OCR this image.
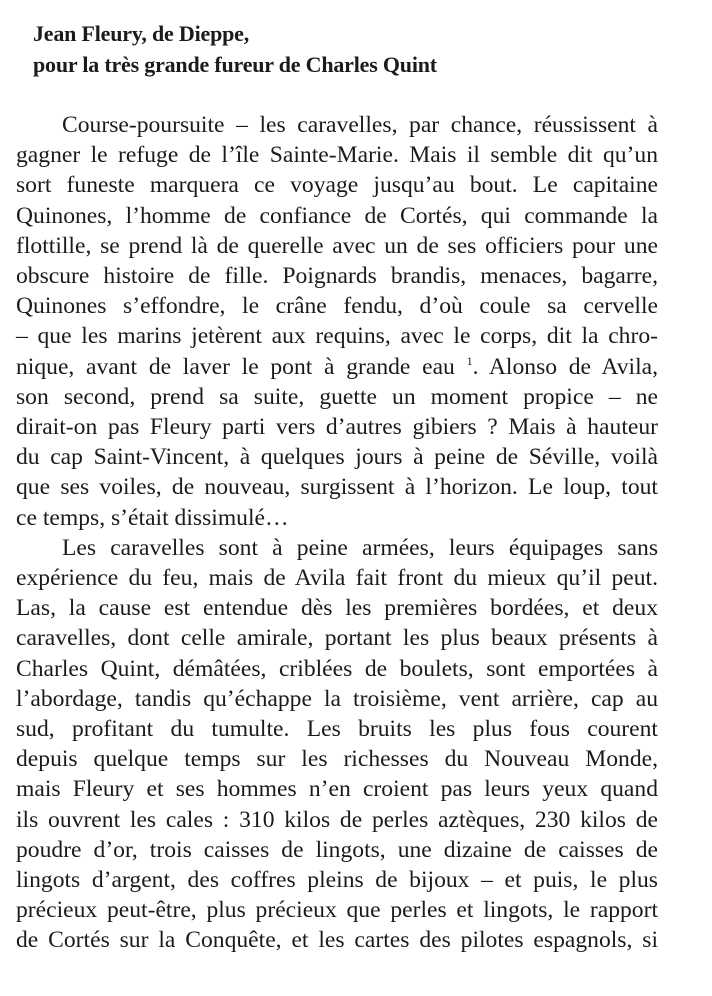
Jean Fleury, de Dieppe,
pour la très grande fureur de Charles Quint
Course-poursuite – les caravelles, par chance, réussissent à
gagner le refuge de l’île Sainte-Marie. Mais il semble dit qu’un
sort funeste marquera ce voyage jusqu’au bout. Le capitaine
Quinones, l’homme de confiance de Cortés, qui commande la
flottille, se prend là de querelle avec un de ses officiers pour une
obscure histoire de fille. Poignards brandis, menaces, bagarre,
Quinones s’effondre, le crâne fendu, d’où coule sa cervelle
– que les marins jetèrent aux requins, avec le corps, dit la chro-
nique, avant de laver le pont à grande eau $^1$. Alonso de Avila,
son second, prend sa suite, guette un moment propice – ne
dirait-on pas Fleury parti vers d’autres gibiers ? Mais à hauteur
du cap Saint-Vincent, à quelques jours à peine de Séville, voilà
que ses voiles, de nouveau, surgissent à l’horizon. Le loup, tout
ce temps, s’était dissimulé…
Les caravelles sont à peine armées, leurs équipages sans
expérience du feu, mais de Avila fait front du mieux qu’il peut.
Las, la cause est entendue dès les premières bordées, et deux
caravelles, dont celle amirale, portant les plus beaux présents à
Charles Quint, démâtées, criblées de boulets, sont emportées à
l’abordage, tandis qu’échappe la troisième, vent arrière, cap au
sud, profitant du tumulte. Les bruits les plus fous courent
depuis quelque temps sur les richesses du Nouveau Monde,
mais Fleury et ses hommes n’en croient pas leurs yeux quand
ils ouvrent les cales : 310 kilos de perles aztèques, 230 kilos de
poudre d’or, trois caisses de lingots, une dizaine de caisses de
lingots d’argent, des coffres pleins de bijoux – et puis, le plus
précieux peut-être, plus précieux que perles et lingots, le rapport
de Cortés sur la Conquête, et les cartes des pilotes espagnols, si
